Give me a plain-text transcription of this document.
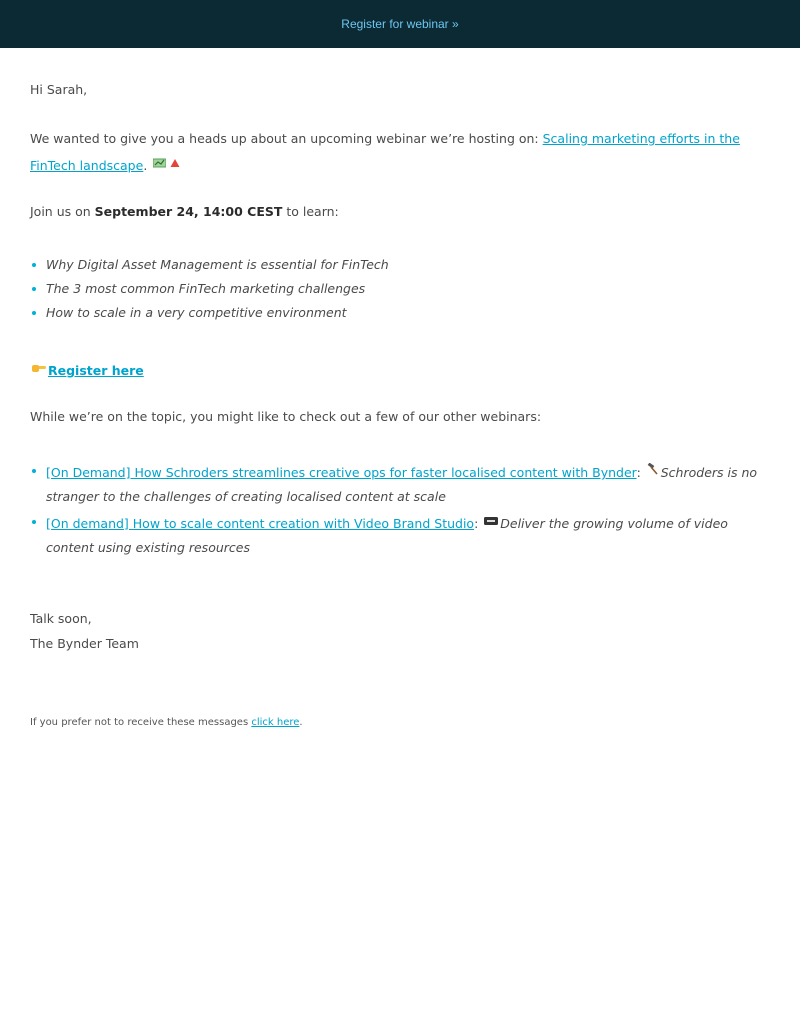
Register for webinar »

Hi Sarah,

We wanted to give you a heads up about an upcoming webinar we’re hosting on: Scaling marketing efforts in the FinTech landscape.

Join us on September 24, 14:00 CEST to learn:

Why Digital Asset Management is essential for FinTech
The 3 most common FinTech marketing challenges
How to scale in a very competitive environment

Register here

While we’re on the topic, you might like to check out a few of our other webinars:

[On Demand] How Schroders streamlines creative ops for faster localised content with Bynder: Schroders is no stranger to the challenges of creating localised content at scale
[On demand] How to scale content creation with Video Brand Studio: Deliver the growing volume of video content using existing resources

Talk soon,

The Bynder Team

If you prefer not to receive these messages click here.
